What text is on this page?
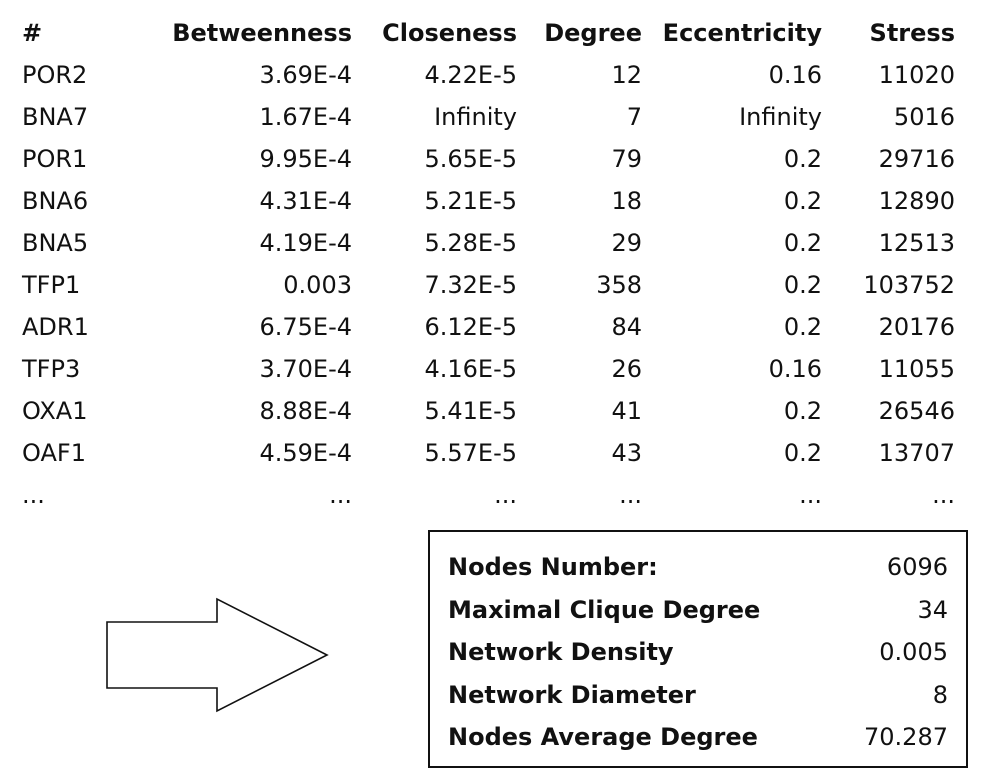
#	Betweenness	Closeness	Degree	Eccentricity	Stress
POR2	3.69E-4	4.22E-5	12	0.16	11020
BNA7	1.67E-4	Infinity	7	Infinity	5016
POR1	9.95E-4	5.65E-5	79	0.2	29716
BNA6	4.31E-4	5.21E-5	18	0.2	12890
BNA5	4.19E-4	5.28E-5	29	0.2	12513
TFP1	0.003	7.32E-5	358	0.2	103752
ADR1	6.75E-4	6.12E-5	84	0.2	20176
TFP3	3.70E-4	4.16E-5	26	0.16	11055
OXA1	8.88E-4	5.41E-5	41	0.2	26546
OAF1	4.59E-4	5.57E-5	43	0.2	13707
...	...	...	...	...	...
Nodes Number:	6096
Maximal Clique Degree	34
Network Density	0.005
Network Diameter	8
Nodes Average Degree	70.287
